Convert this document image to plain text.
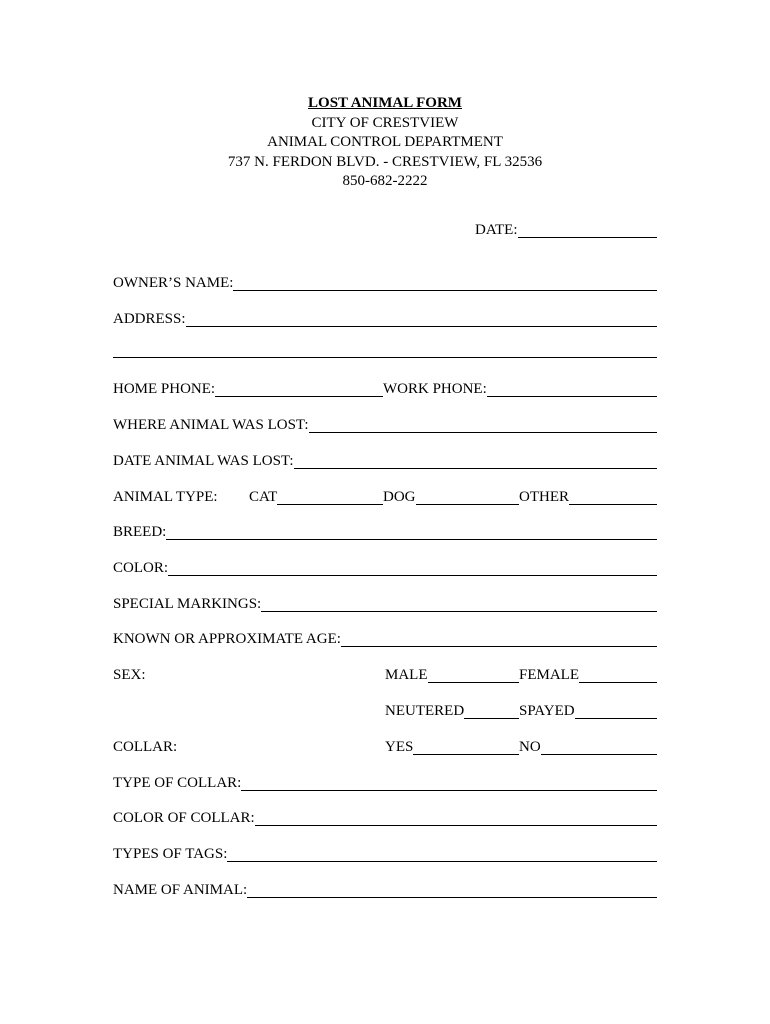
LOST ANIMAL FORM
CITY OF CRESTVIEW
ANIMAL CONTROL DEPARTMENT
737 N. FERDON BLVD. - CRESTVIEW, FL 32536
850-682-2222
DATE:
OWNER’S NAME:
ADDRESS:
HOME PHONE:	WORK PHONE:
WHERE ANIMAL WAS LOST:
DATE ANIMAL WAS LOST:
ANIMAL TYPE: CAT	DOG	OTHER
BREED:
COLOR:
SPECIAL MARKINGS:
KNOWN OR APPROXIMATE AGE:
SEX:	MALE	FEMALE
NEUTERED	SPAYED
COLLAR:	YES	NO
TYPE OF COLLAR:
COLOR OF COLLAR:
TYPES OF TAGS:
NAME OF ANIMAL:
